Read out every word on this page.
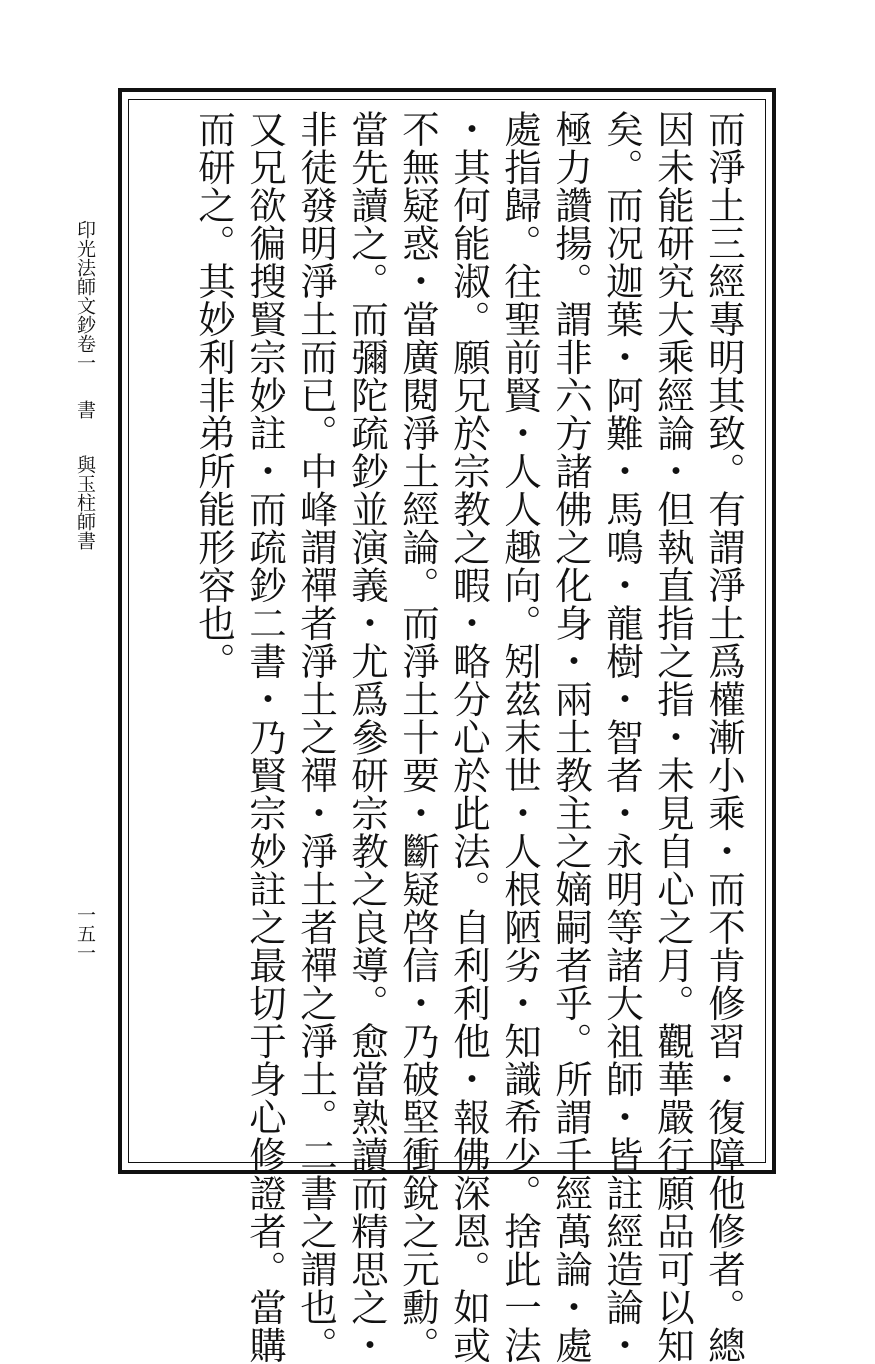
印光法師文鈔卷一
書
與玉柱師書
一五一	而淨土三經專明其致。有謂淨土爲權漸小乘・而不肯修習・復障他修者。總
因未能研究大乘經論・但執直指之指・未見自心之月。觀華嚴行願品可以知
矣。而况迦葉・阿難・馬鳴・龍樹・智者・永明等諸大祖師・皆註經造論・
極力讚揚。謂非六方諸佛之化身・兩土教主之嫡嗣者乎。所謂千經萬論・處
處指歸。往聖前賢・人人趣向。矧茲末世・人根陋劣・知識希少。捨此一法
・其何能淑。願兄於宗教之暇・略分心於此法。自利利他・報佛深恩。如或
不無疑惑・當廣閱淨土經論。而淨土十要・斷疑啓信・乃破堅衝銳之元勳。
當先讀之。而彌陀疏鈔並演義・尤爲參研宗教之良導。愈當熟讀而精思之・
非徒發明淨土而已。中峰謂禪者淨土之禪・淨土者禪之淨土。二書之謂也。
又兄欲徧搜賢宗妙註・而疏鈔二書・乃賢宗妙註之最切于身心修證者。當購
而研之。其妙利非弟所能形容也。
